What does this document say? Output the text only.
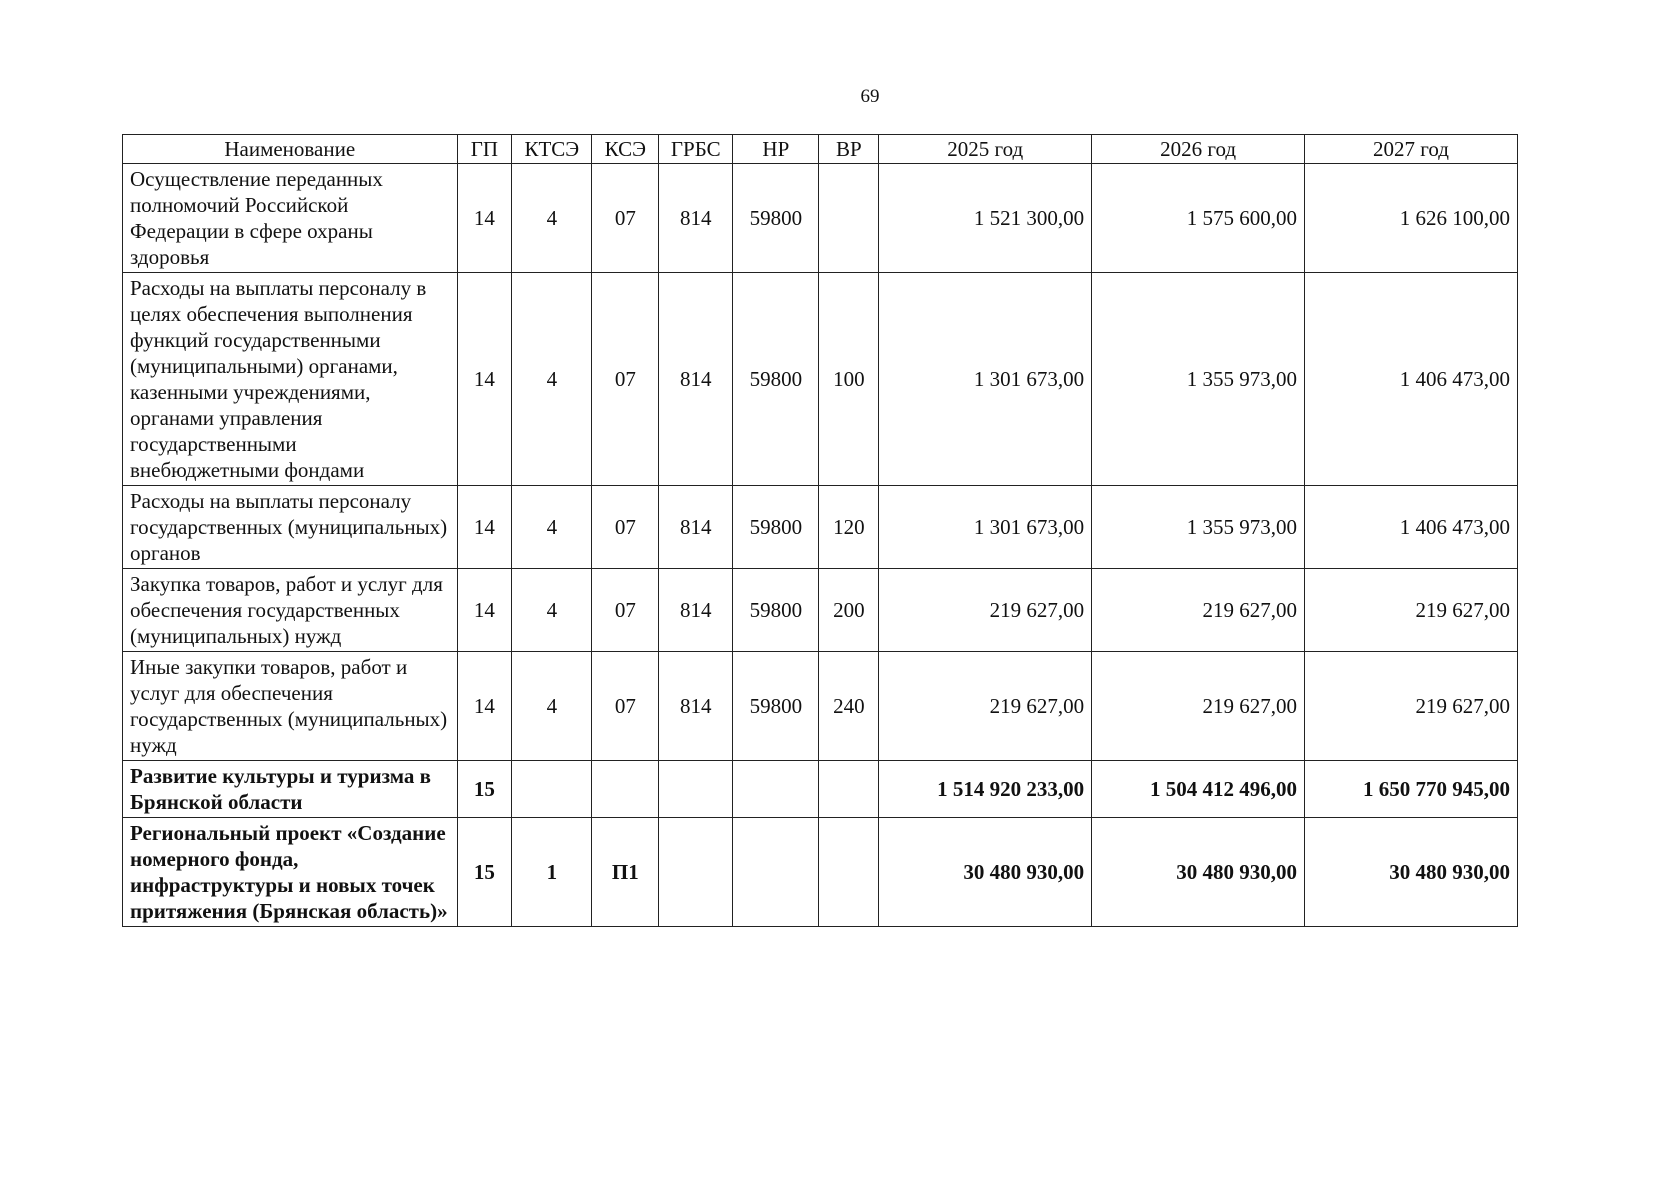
69
Наименование	ГП	КТСЭ	КСЭ	ГРБС	НР	ВР	2025 год	2026 год	2027 год
Осуществление переданных полномочий Российской Федерации в сфере охраны здоровья	14	4	07	814	59800		1 521 300,00	1 575 600,00	1 626 100,00
Расходы на выплаты персоналу в целях обеспечения выполнения функций государственными (муниципальными) органами, казенными учреждениями, органами управления государственными внебюджетными фондами	14	4	07	814	59800	100	1 301 673,00	1 355 973,00	1 406 473,00
Расходы на выплаты персоналу государственных (муниципальных) органов	14	4	07	814	59800	120	1 301 673,00	1 355 973,00	1 406 473,00
Закупка товаров, работ и услуг для обеспечения государственных (муниципальных) нужд	14	4	07	814	59800	200	219 627,00	219 627,00	219 627,00
Иные закупки товаров, работ и услуг для обеспечения государственных (муниципальных) нужд	14	4	07	814	59800	240	219 627,00	219 627,00	219 627,00
Развитие культуры и туризма в Брянской области	15						1 514 920 233,00	1 504 412 496,00	1 650 770 945,00
Региональный проект «Создание номерного фонда, инфраструктуры и новых точек притяжения (Брянская область)»	15	1	П1				30 480 930,00	30 480 930,00	30 480 930,00
